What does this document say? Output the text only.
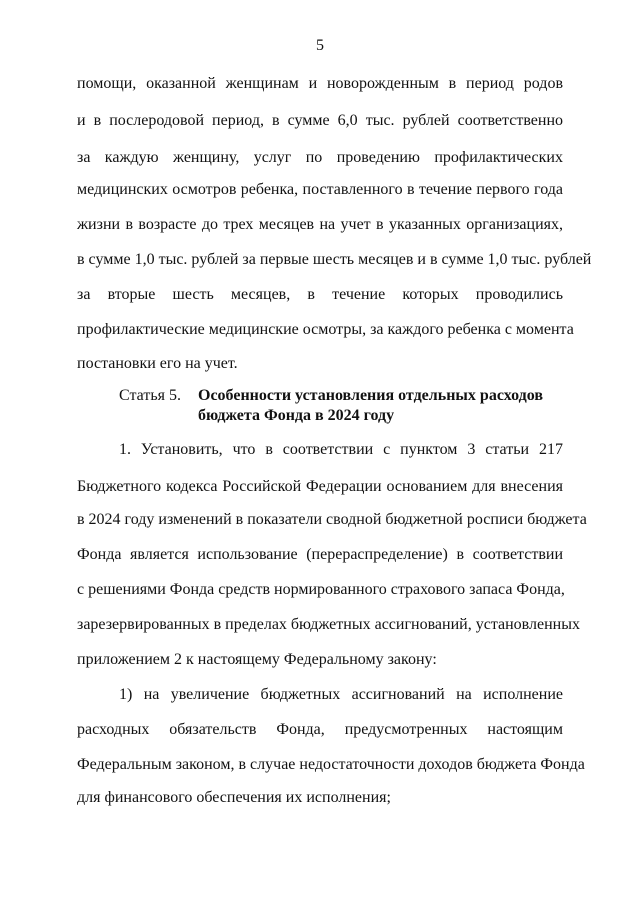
5
помощи, оказанной женщинам и новорожденным в период родов
и в послеродовой период, в сумме 6,0 тыс. рублей соответственно
за каждую женщину, услуг по проведению профилактических
медицинских осмотров ребенка, поставленного в течение первого года
жизни в возрасте до трех месяцев на учет в указанных организациях,
в сумме 1,0 тыс. рублей за первые шесть месяцев и в сумме 1,0 тыс. рублей
за вторые шесть месяцев, в течение которых проводились
профилактические медицинские осмотры, за каждого ребенка с момента
постановки его на учет.
Статья 5. Особенности установления отдельных расходов
бюджета Фонда в 2024 году
1. Установить, что в соответствии с пунктом 3 статьи 217
Бюджетного кодекса Российской Федерации основанием для внесения
в 2024 году изменений в показатели сводной бюджетной росписи бюджета
Фонда является использование (перераспределение) в соответствии
с решениями Фонда средств нормированного страхового запаса Фонда,
зарезервированных в пределах бюджетных ассигнований, установленных
приложением 2 к настоящему Федеральному закону:
1) на увеличение бюджетных ассигнований на исполнение
расходных обязательств Фонда, предусмотренных настоящим
Федеральным законом, в случае недостаточности доходов бюджета Фонда
для финансового обеспечения их исполнения;
